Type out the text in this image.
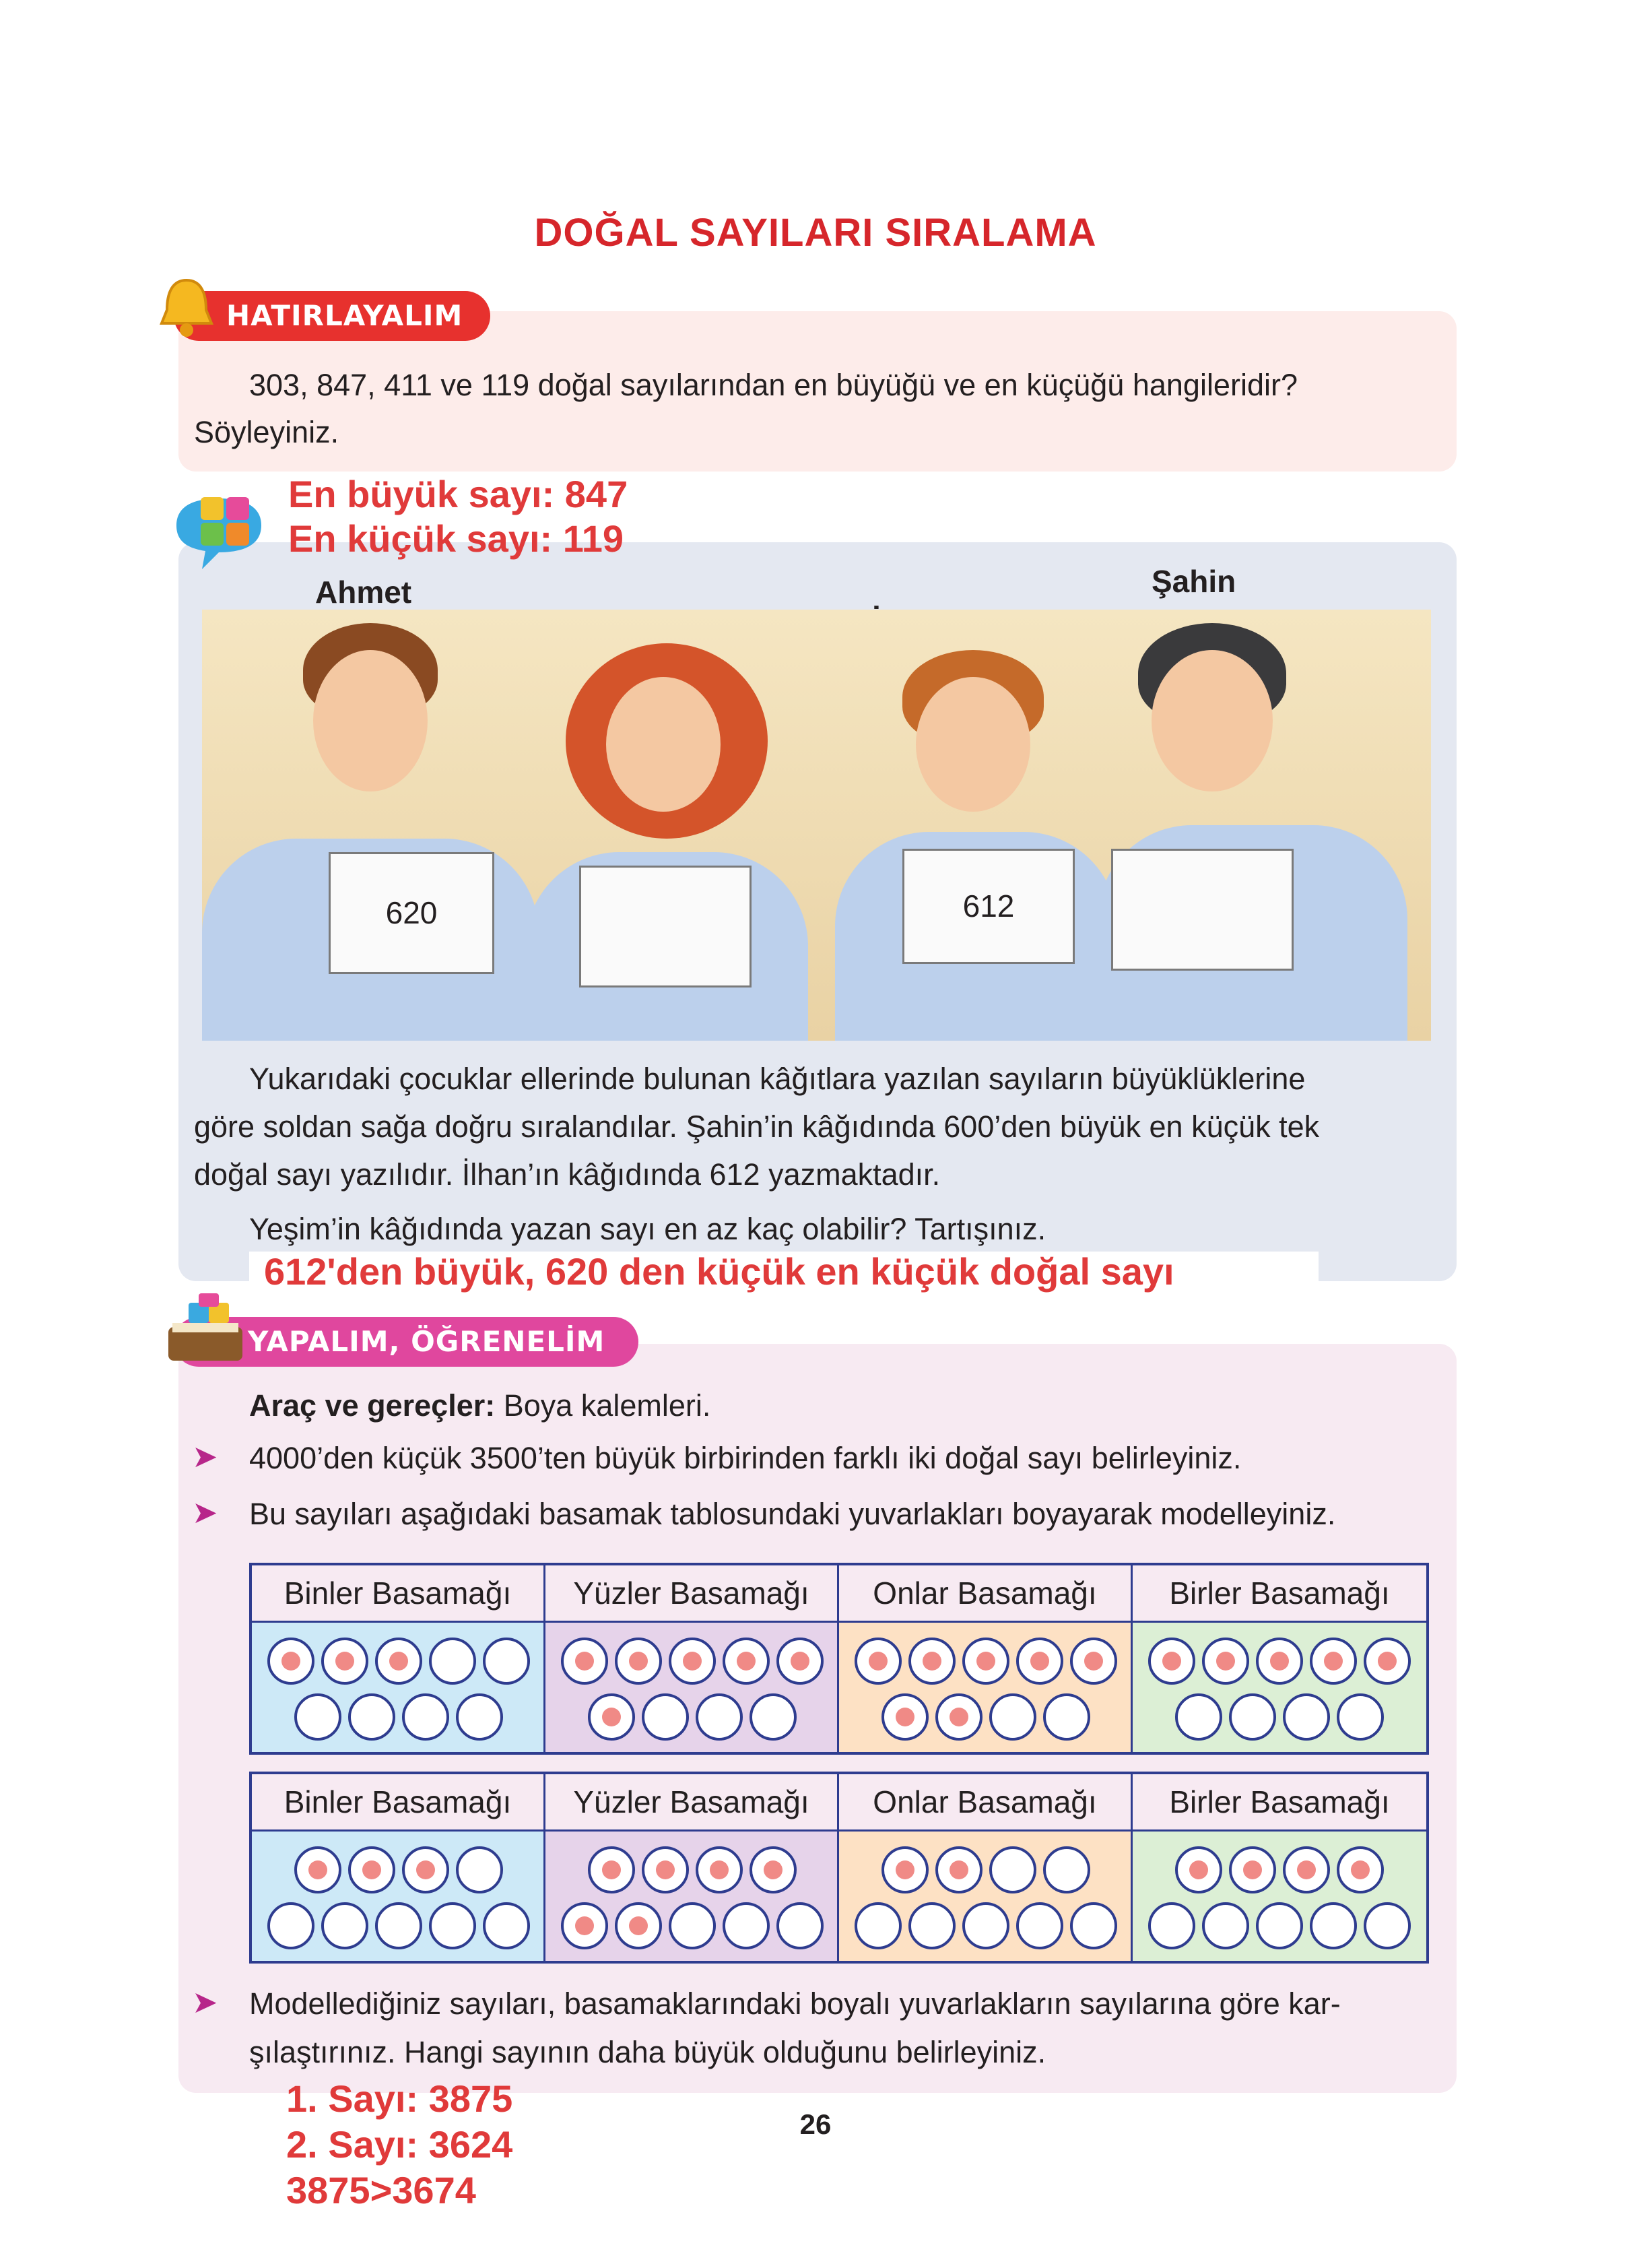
DOĞAL SAYILARI SIRALAMA
HATIRLAYALIM
303, 847, 411 ve 119 doğal sayılarından en büyüğü ve en küçüğü hangileridir?
Söyleyiniz.
En büyük sayı: 847
En küçük sayı: 119
Ahmet	Şahin
620	612
Yukarıdaki çocuklar ellerinde bulunan kâğıtlara yazılan sayıların büyüklüklerine
göre soldan sağa doğru sıralandılar. Şahin’in kâğıdında 600’den büyük en küçük tek
doğal sayı yazılıdır. İlhan’ın kâğıdında 612 yazmaktadır.
Yeşim’in kâğıdında yazan sayı en az kaç olabilir? Tartışınız.
612'den büyük, 620 den küçük en küçük doğal sayı
YAPALIM, ÖĞRENELİM
Araç ve gereçler: Boya kalemleri.
➤ 4000’den küçük 3500’ten büyük birbirinden farklı iki doğal sayı belirleyiniz.
➤ Bu sayıları aşağıdaki basamak tablosundaki yuvarlakları boyayarak modelleyiniz.
Binler Basamağı	Yüzler Basamağı	Onlar Basamağı	Birler Basamağı
Binler Basamağı	Yüzler Basamağı	Onlar Basamağı	Birler Basamağı
➤ Modellediğiniz sayıları, basamaklarındaki boyalı yuvarlakların sayılarına göre kar-
şılaştırınız. Hangi sayının daha büyük olduğunu belirleyiniz.
1. Sayı: 3875
2. Sayı: 3624
3875>3674
26
